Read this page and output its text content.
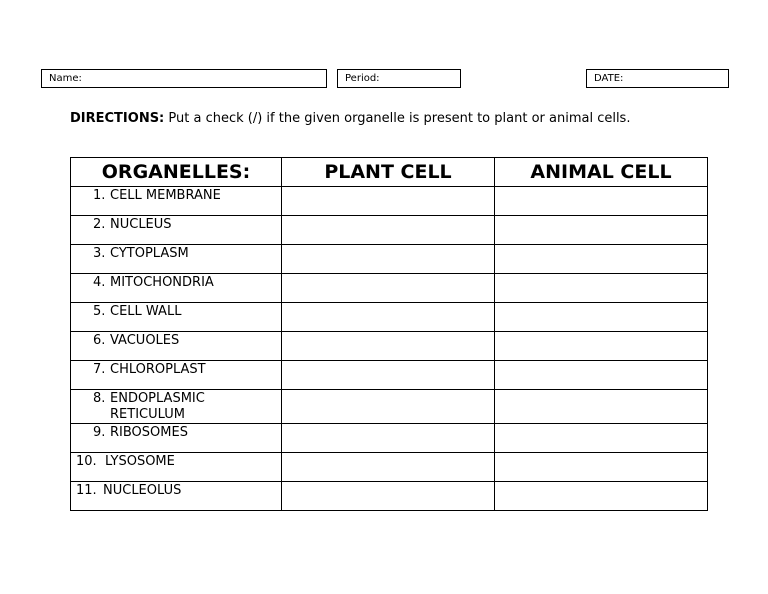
Name:	Period:	DATE:
DIRECTIONS: Put a check (/) if the given organelle is present to plant or animal cells.
ORGANELLES:	PLANT CELL	ANIMAL CELL

1. CELL MEMBRANE		

2. NUCLEUS		

3. CYTOPLASM		

4. MITOCHONDRIA		

5. CELL WALL		

6. VACUOLES		

7. CHLOROPLAST		

8. ENDOPLASMIC RETICULUM		

9. RIBOSOMES		

10. LYSOSOME		

11. NUCLEOLUS		
